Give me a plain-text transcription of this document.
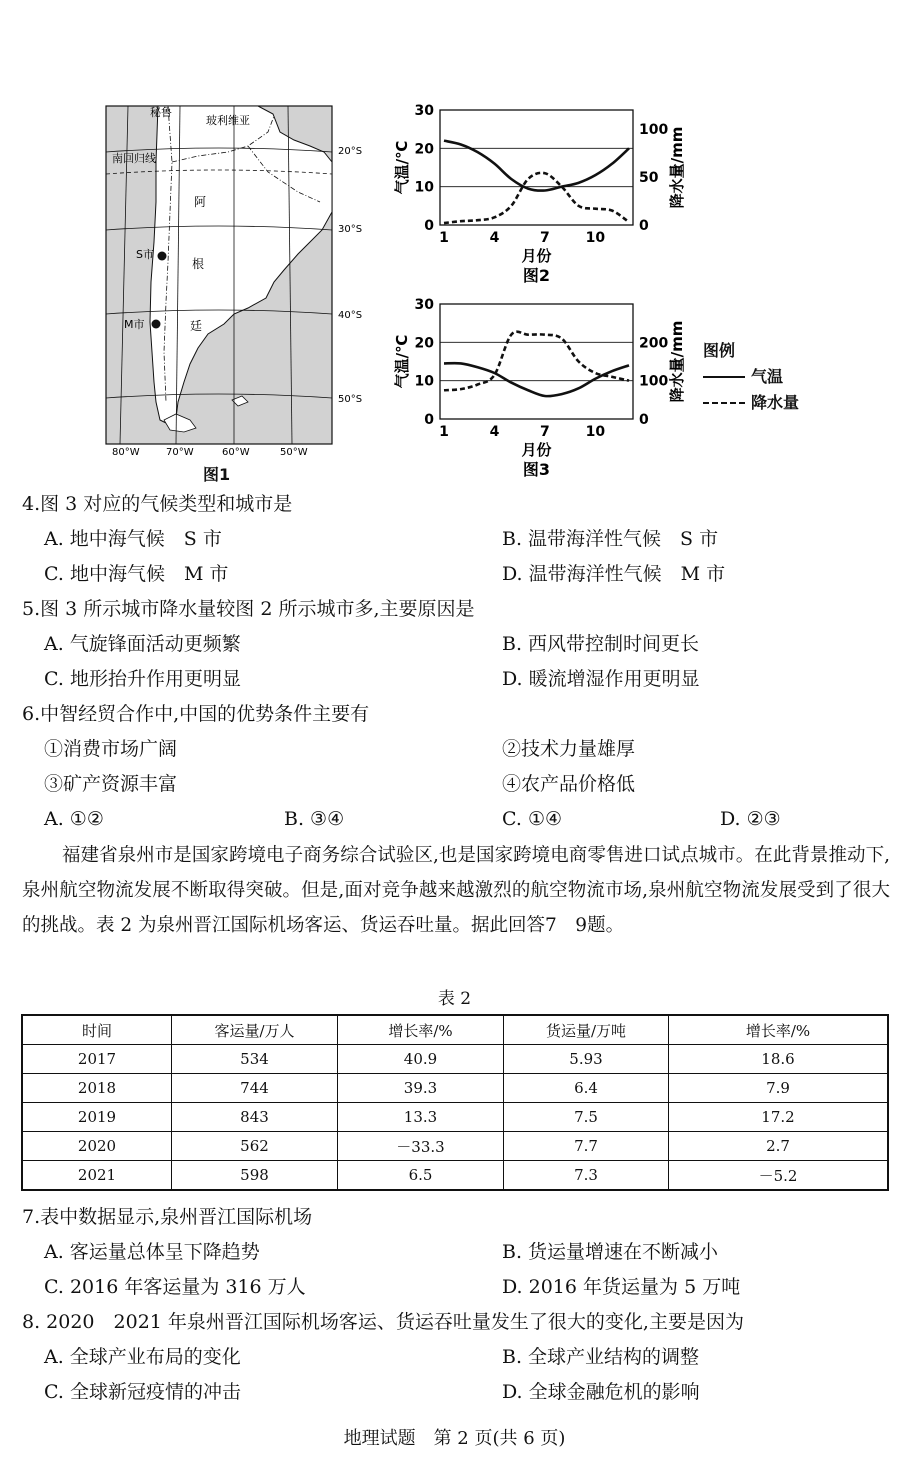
秘鲁
玻利维亚
南回归线
阿
根
廷
S市
M市
20°S
30°S
40°S
50°S
80°W	70°W	60°W	50°W
图1
0
10
20
30
0
50
100
1	4	7	10
月份
气温/℃	降水量/mm
图2
0
10
20
30
0
100
200
1	4	7	10
月份
气温/℃	降水量/mm
图3
图例
气温
降水量
4.图 3 对应的气候类型和城市是
A. 地中海气候　S 市	B. 温带海洋性气候　S 市
C. 地中海气候　M 市	D. 温带海洋性气候　M 市
5.图 3 所示城市降水量较图 2 所示城市多,主要原因是
A. 气旋锋面活动更频繁	B. 西风带控制时间更长
C. 地形抬升作用更明显	D. 暖流增湿作用更明显
6.中智经贸合作中,中国的优势条件主要有
①消费市场广阔	②技术力量雄厚
③矿产资源丰富	④农产品价格低
A. ①②	B. ③④	C. ①④	D. ②③
福建省泉州市是国家跨境电子商务综合试验区,也是国家跨境电商零售进口试点城市。在此背景推动下,泉州航空物流发展不断取得突破。但是,面对竞争越来越激烈的航空物流市场,泉州航空物流发展受到了很大的挑战。表 2 为泉州晋江国际机场客运、货运吞吐量。据此回答7　9题。
表 2
时间	客运量/万人	增长率/%	货运量/万吨	增长率/%
2017	534	40.9	5.93	18.6
2018	744	39.3	6.4	7.9
2019	843	13.3	7.5	17.2
2020	562	－33.3	7.7	2.7
2021	598	6.5	7.3	－5.2
7.表中数据显示,泉州晋江国际机场
A. 客运量总体呈下降趋势	B. 货运量增速在不断减小
C. 2016 年客运量为 316 万人	D. 2016 年货运量为 5 万吨
8. 2020　2021 年泉州晋江国际机场客运、货运吞吐量发生了很大的变化,主要是因为
A. 全球产业布局的变化	B. 全球产业结构的调整
C. 全球新冠疫情的冲击	D. 全球金融危机的影响
地理试题　第 2 页(共 6 页)
